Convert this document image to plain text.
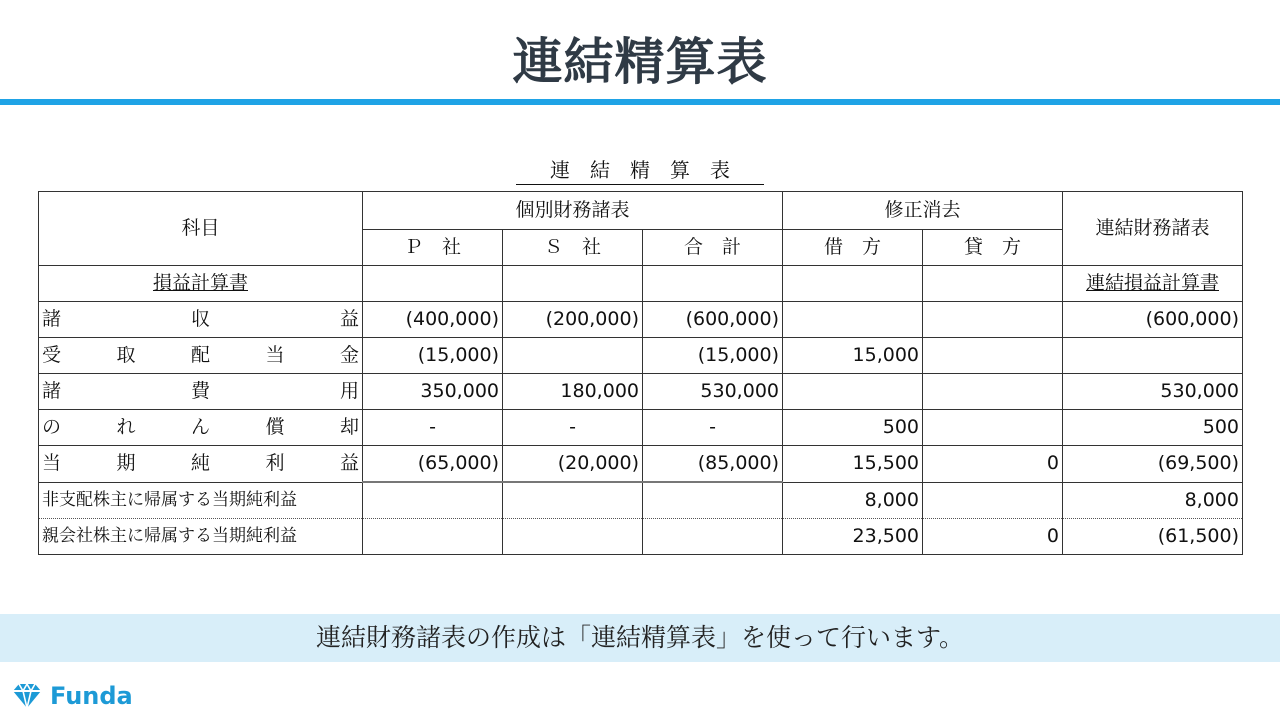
連結精算表
連結精算表
科目	個別財務諸表			修正消去		連結財務諸表
	Ｐ　社	Ｓ　社	合　計	借　方	貸　方	
損益計算書						連結損益計算書

諸 収 益	(400,000)	(200,000)	(600,000)			(600,000)

受 取 配 当 金	(15,000)		(15,000)	15,000		

諸 費 用	350,000	180,000	530,000			530,000

の れ ん 償 却	-	-	-	500		500

当 期 純 利 益	(65,000)	(20,000)	(85,000)	15,500	0	(69,500)
非支配株主に帰属する当期純利益				8,000		8,000
親会社株主に帰属する当期純利益				23,500	0	(61,500)
連結財務諸表の作成は「連結精算表」を使って行います。
Funda
